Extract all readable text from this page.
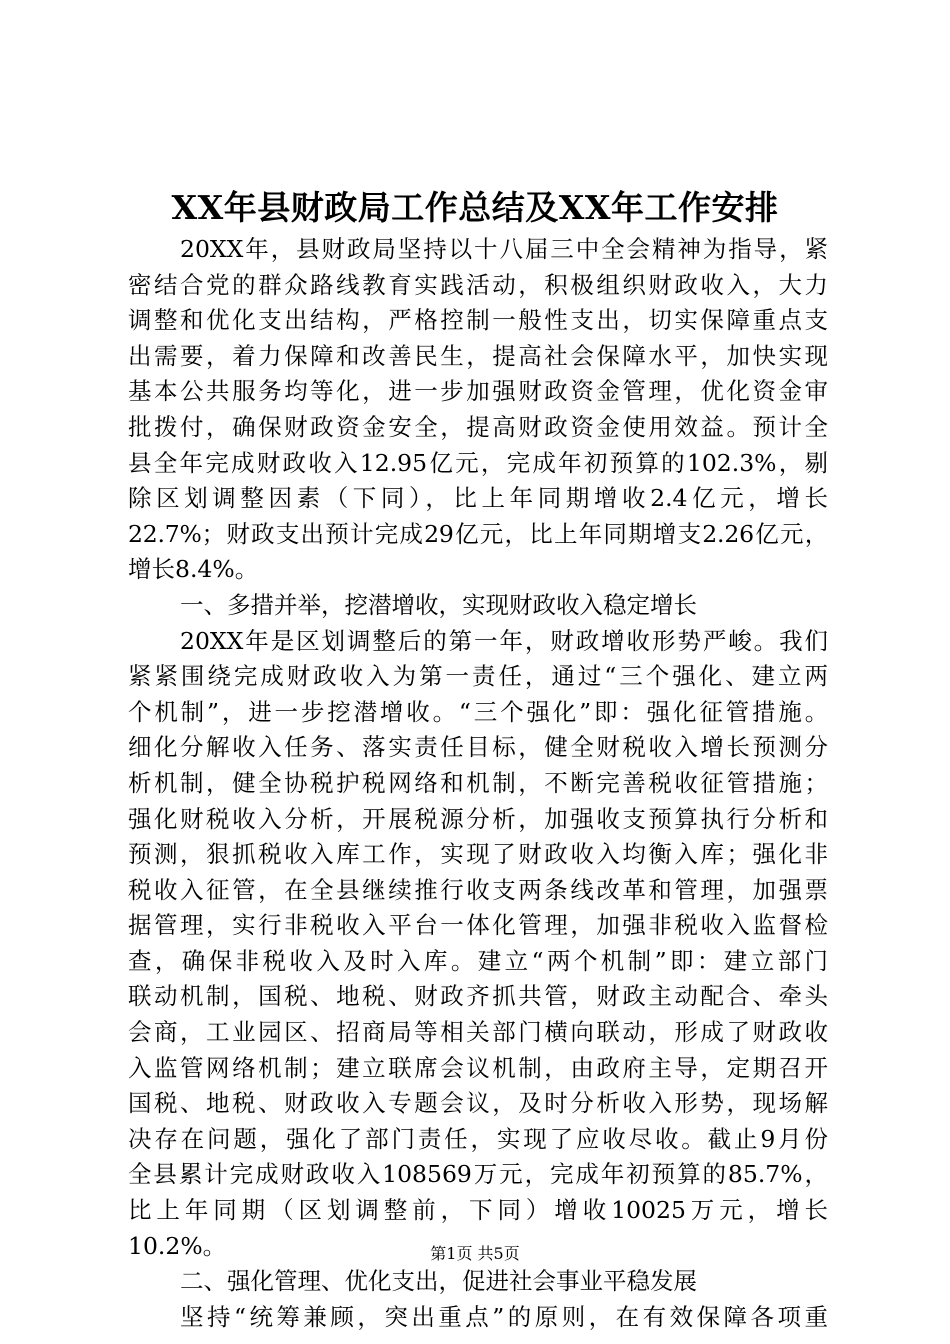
XX年县财政局工作总结及XX年工作安排
20XX年，县财政局坚持以十八届三中全会精神为指导，紧
密结合党的群众路线教育实践活动，积极组织财政收入，大力
调整和优化支出结构，严格控制一般性支出，切实保障重点支
出需要，着力保障和改善民生，提高社会保障水平，加快实现
基本公共服务均等化，进一步加强财政资金管理，优化资金审
批拨付，确保财政资金安全，提高财政资金使用效益。预计全
县全年完成财政收入12.95亿元，完成年初预算的102.3%，剔
除区划调整因素（下同），比上年同期增收2.4亿元，增长
22.7%；财政支出预计完成29亿元，比上年同期增支2.26亿元，
增长8.4%。
一、多措并举，挖潜增收，实现财政收入稳定增长
20XX年是区划调整后的第一年，财政增收形势严峻。我们
紧紧围绕完成财政收入为第一责任，通过“三个强化、建立两
个机制”，进一步挖潜增收。“三个强化”即：强化征管措施。
细化分解收入任务、落实责任目标，健全财税收入增长预测分
析机制，健全协税护税网络和机制，不断完善税收征管措施；
强化财税收入分析，开展税源分析，加强收支预算执行分析和
预测，狠抓税收入库工作，实现了财政收入均衡入库；强化非
税收入征管，在全县继续推行收支两条线改革和管理，加强票
据管理，实行非税收入平台一体化管理，加强非税收入监督检
查，确保非税收入及时入库。建立“两个机制”即：建立部门
联动机制，国税、地税、财政齐抓共管，财政主动配合、牵头
会商，工业园区、招商局等相关部门横向联动，形成了财政收
入监管网络机制；建立联席会议机制，由政府主导，定期召开
国税、地税、财政收入专题会议，及时分析收入形势，现场解
决存在问题，强化了部门责任，实现了应收尽收。截止9月份
全县累计完成财政收入108569万元，完成年初预算的85.7%，
比上年同期（区划调整前，下同）增收10025万元，增长
10.2%。
二、强化管理、优化支出，促进社会事业平稳发展
坚持“统筹兼顾，突出重点”的原则，在有效保障各项重
第1页 共5页
